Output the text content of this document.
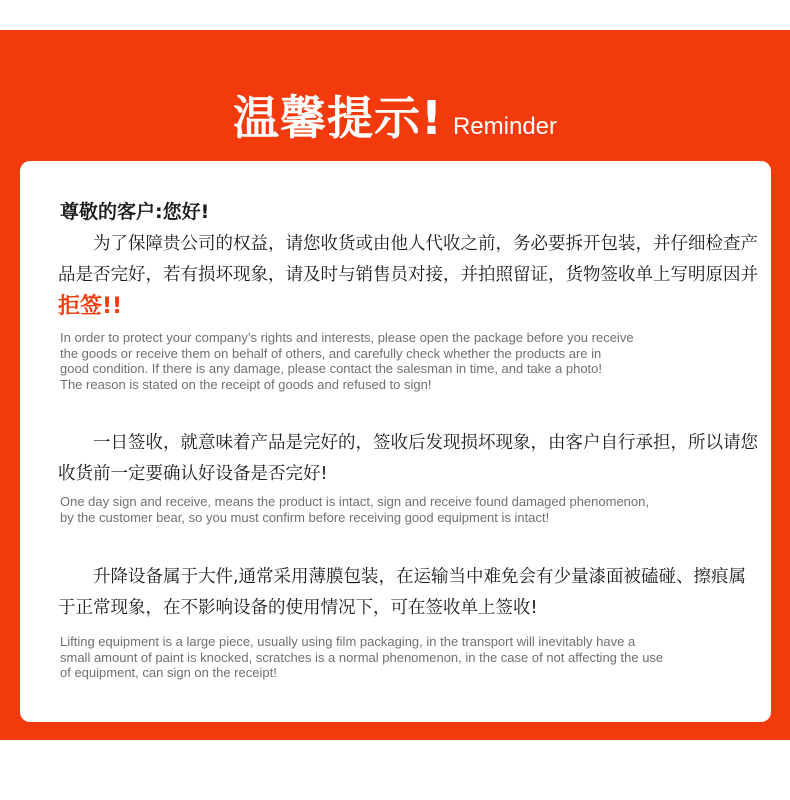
温馨提示! Reminder
尊敬的客户:您好!
为了保障贵公司的权益，请您收货或由他人代收之前，务必要拆开包装，并仔细检查产品是否完好，若有损坏现象，请及时与销售员对接，并拍照留证，货物签收单上写明原因并拒签!!
In order to protect your company’s rights and interests, please open the package before you receive
the goods or receive them on behalf of others, and carefully check whether the products are in
good condition. If there is any damage, please contact the salesman in time, and take a photo!
The reason is stated on the receipt of goods and refused to sign!
一日签收，就意味着产品是完好的，签收后发现损坏现象，由客户自行承担，所以请您收货前一定要确认好设备是否完好!
One day sign and receive, means the product is intact, sign and receive found damaged phenomenon,
by the customer bear, so you must confirm before receiving good equipment is intact!
升降设备属于大件,通常采用薄膜包装，在运输当中难免会有少量漆面被磕碰、擦痕属于正常现象，在不影响设备的使用情况下，可在签收单上签收!
Lifting equipment is a large piece, usually using film packaging, in the transport will inevitably have a
small amount of paint is knocked, scratches is a normal phenomenon, in the case of not affecting the use
of equipment, can sign on the receipt!
